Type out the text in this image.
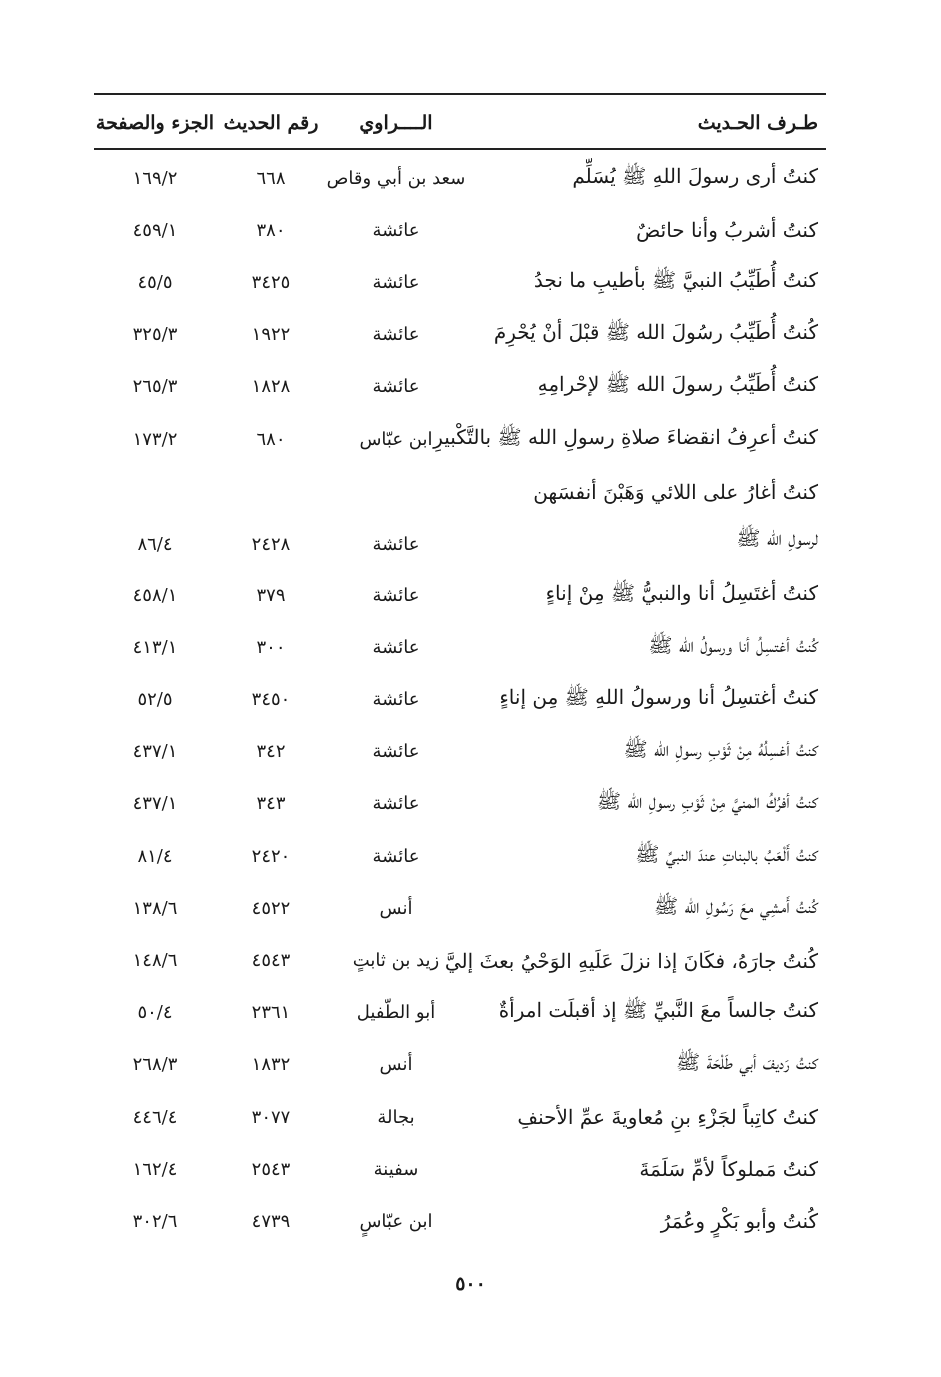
طـرف الحـديث
الــــراوي
رقم الحديث
الجزء والصفحة
كنتُ أرى رسولَ اللهِ ﷺ يُسَلِّم
سعد بن أبي وقاص
٦٦٨
١٦٩/٢
كنتُ أشربُ وأنا حائضٌ
عائشة
٣٨٠
٤٥٩/١
كنتُ أُطَيِّبُ النبيَّ ﷺ بأطيبِ ما نجدُ
عائشة
٣٤٢٥
٤٥/٥
كُنتُ أُطَيِّبُ رسُولَ الله ﷺ قبْلَ أنْ يُحْرِمَ
عائشة
١٩٢٢
٣٢٥/٣
كنتُ أُطَيِّبُ رسولَ الله ﷺ لإحْرامِهِ
عائشة
١٨٢٨
٢٦٥/٣
كنتُ أعرِفُ انقضاءَ صلاةِ رسولِ الله ﷺ بالتَّكْبيرِ
ابن عبّاس
٦٨٠
١٧٣/٢
كنتُ أغارُ على اللائي وَهَبْنَ أنفسَهن
لرسولِ الله ﷺ
عائشة
٢٤٢٨
٨٦/٤
كنتُ أغتَسِلُ أنا والنبيُّ ﷺ مِنْ إناءٍ
عائشة
٣٧٩
٤٥٨/١
كُنتُ أغتسِلُ أنا ورسولُ الله ﷺ
عائشة
٣٠٠
٤١٣/١
كنتُ أغتسِلُ أنا ورسولُ اللهِ ﷺ مِن إناءٍ
عائشة
٣٤٥٠
٥٢/٥
كنتُ أغسِلُهُ مِنْ ثَوْبِ رسولِ الله ﷺ
عائشة
٣٤٢
٤٣٧/١
كنتُ أفرُكُ المنيَّ مِنْ ثَوْبِ رسولِ الله ﷺ
عائشة
٣٤٣
٤٣٧/١
كنتُ أَلْعَبُ بالبناتِ عندَ النبيِّ ﷺ
عائشة
٢٤٢٠
٨١/٤
كُنتُ أَمشِي معَ رَسُولِ الله ﷺ
أنس
٤٥٢٢
١٣٨/٦
كُنتُ جارَهُ، فكَانَ إذا نزلَ عَلَيهِ الوَحْيُ بعثَ إليَّ
زيد بن ثابتٍ
٤٥٤٣
١٤٨/٦
كنتُ جالساً معَ النَّبيِّ ﷺ إذ أقبلَت امرأةٌ
أبو الطّفيل
٢٣٦١
٥٠/٤
كنتُ رَديفَ أبي طَلْحَةَ ﷺ
أنس
١٨٣٢
٢٦٨/٣
كنتُ كاتِباً لجَزْءِ بنِ مُعاويةَ عمِّ الأحنفِ
بجالة
٣٠٧٧
٤٤٦/٤
كنتُ مَملوكاً لأمِّ سَلَمَةَ
سفينة
٢٥٤٣
١٦٢/٤
كُنتُ وأبو بَكْرٍ وعُمَرُ
ابن عبّاسٍ
٤٧٣٩
٣٠٢/٦
٥٠٠
